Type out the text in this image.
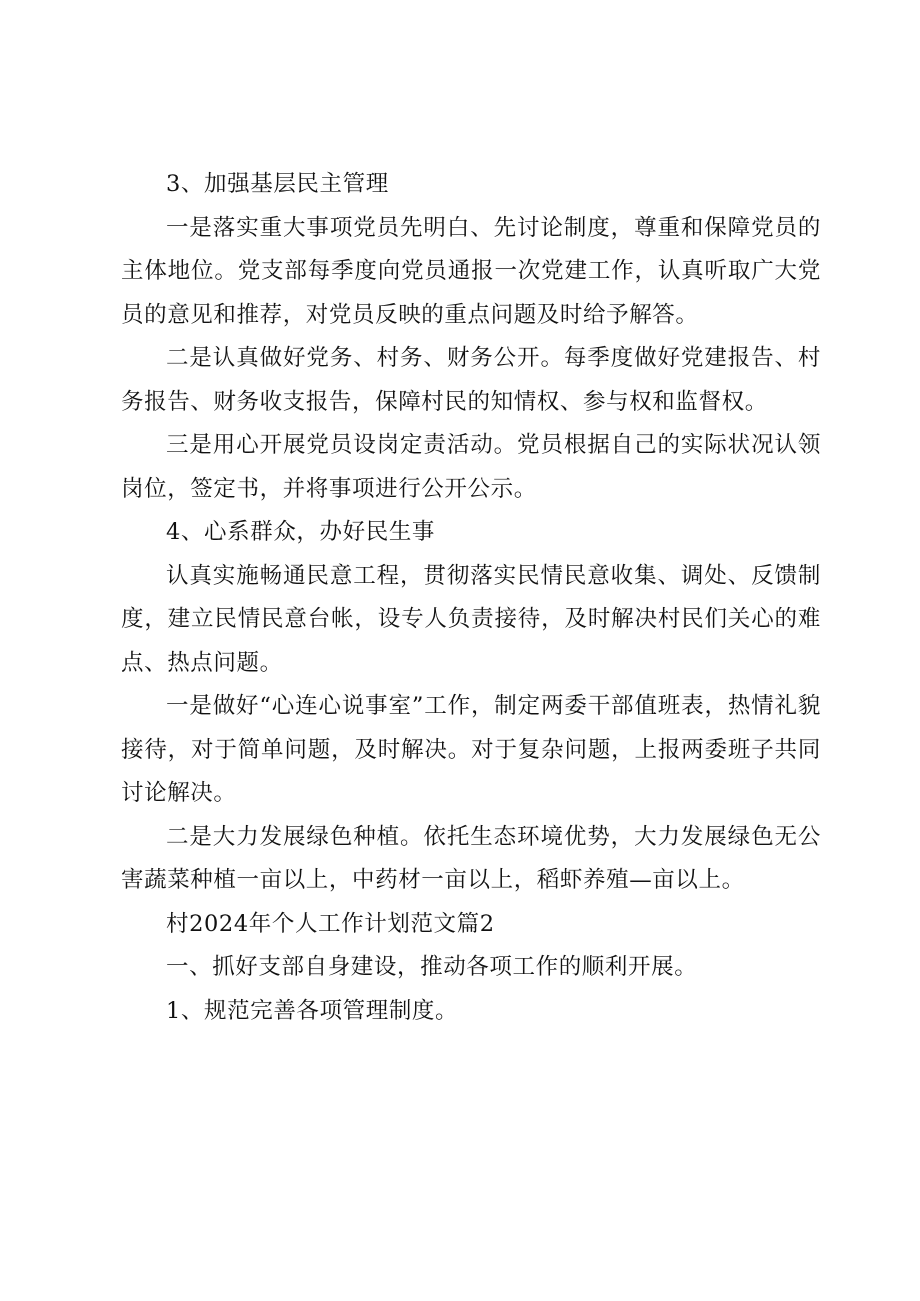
3、加强基层民主管理

一是落实重大事项党员先明白、先讨论制度，尊重和保障党员的主体地位。党支部每季度向党员通报一次党建工作，认真听取广大党员的意见和推荐，对党员反映的重点问题及时给予解答。

二是认真做好党务、村务、财务公开。每季度做好党建报告、村务报告、财务收支报告，保障村民的知情权、参与权和监督权。

三是用心开展党员设岗定责活动。党员根据自己的实际状况认领岗位，签定书，并将事项进行公开公示。

4、心系群众，办好民生事

认真实施畅通民意工程，贯彻落实民情民意收集、调处、反馈制度，建立民情民意台帐，设专人负责接待，及时解决村民们关心的难点、热点问题。

一是做好“心连心说事室”工作，制定两委干部值班表，热情礼貌接待，对于简单问题，及时解决。对于复杂问题，上报两委班子共同讨论解决。

二是大力发展绿色种植。依托生态环境优势，大力发展绿色无公害蔬菜种植一亩以上，中药材一亩以上，稻虾养殖—亩以上。

村2024年个人工作计划范文篇2

一、抓好支部自身建设，推动各项工作的顺利开展。

1、规范完善各项管理制度。
